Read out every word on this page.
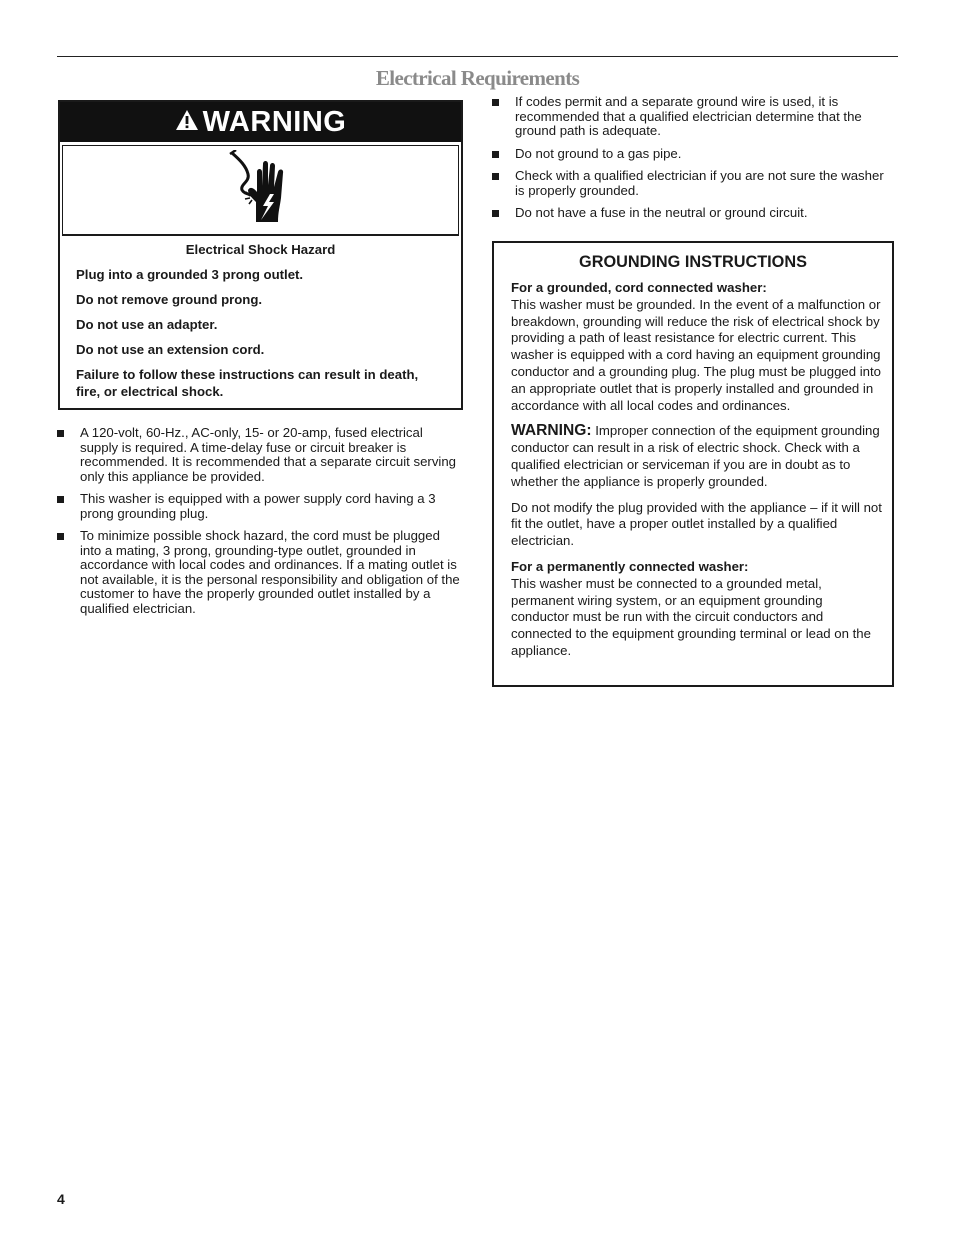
Electrical Requirements
WARNING
Electrical Shock Hazard

Plug into a grounded 3 prong outlet.

Do not remove ground prong.

Do not use an adapter.

Do not use an extension cord.

Failure to follow these instructions can result in death, fire, or electrical shock.

A 120-volt, 60-Hz., AC-only, 15- or 20-amp, fused electrical supply is required. A time-delay fuse or circuit breaker is recommended. It is recommended that a separate circuit serving only this appliance be provided.
This washer is equipped with a power supply cord having a 3 prong grounding plug.
To minimize possible shock hazard, the cord must be plugged into a mating, 3 prong, grounding-type outlet, grounded in accordance with local codes and ordinances. If a mating outlet is not available, it is the personal responsibility and obligation of the customer to have the properly grounded outlet installed by a qualified electrician.
If codes permit and a separate ground wire is used, it is recommended that a qualified electrician determine that the ground path is adequate.
Do not ground to a gas pipe.
Check with a qualified electrician if you are not sure the washer is properly grounded.
Do not have a fuse in the neutral or ground circuit.
GROUNDING INSTRUCTIONS

For a grounded, cord connected washer:
This washer must be grounded. In the event of a malfunction or breakdown, grounding will reduce the risk of electrical shock by providing a path of least resistance for electric current. This washer is equipped with a cord having an equipment grounding conductor and a grounding plug. The plug must be plugged into an appropriate outlet that is properly installed and grounded in accordance with all local codes and ordinances.

WARNING: Improper connection of the equipment grounding conductor can result in a risk of electric shock. Check with a qualified electrician or serviceman if you are in doubt as to whether the appliance is properly grounded.

Do not modify the plug provided with the appliance – if it will not fit the outlet, have a proper outlet installed by a qualified electrician.

For a permanently connected washer:
This washer must be connected to a grounded metal, permanent wiring system, or an equipment grounding conductor must be run with the circuit conductors and connected to the equipment grounding terminal or lead on the appliance.

4
